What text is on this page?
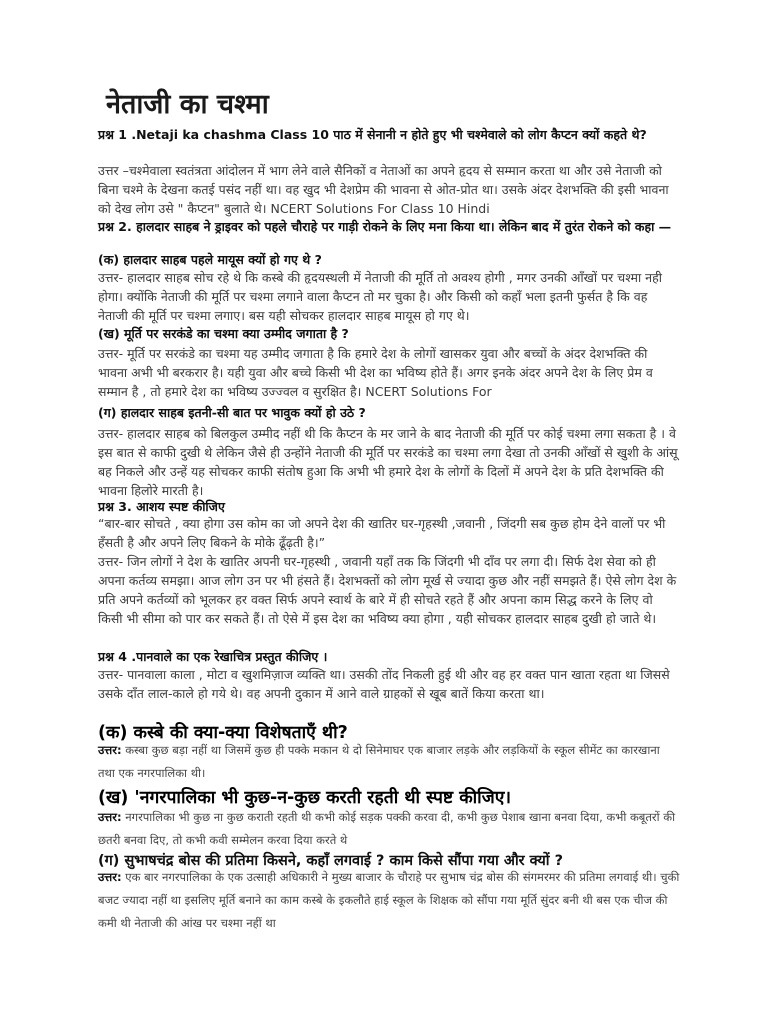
नेताजी का चश्मा

प्रश्न 1 .Netaji ka chashma Class 10 पाठ में सेनानी न होते हुए भी चश्मेवाले को लोग कैप्टन क्यों कहते थे?

उत्तर –चश्मेवाला स्वतंत्रता आंदोलन में भाग लेने वाले सैनिकों व नेताओं का अपने हृदय से सम्मान करता था और उसे नेताजी को बिना चश्मे के देखना कतई पसंद नहीं था। वह खुद भी देशप्रेम की भावना से ओत-प्रोत था। उसके अंदर देशभक्ति की इसी भावना को देख लोग उसे " कैप्टन" बुलाते थे। NCERT Solutions For Class 10 Hindi

प्रश्न 2. हालदार साहब ने ड्राइवर को पहले चौराहे पर गाड़ी रोकने के लिए मना किया था। लेकिन बाद में तुरंत रोकने को कहा —

(क) हालदार साहब पहले मायूस क्यों हो गए थे ?

उत्तर- हालदार साहब सोच रहे थे कि कस्बे की हृदयस्थली में नेताजी की मूर्ति तो अवश्य होगी , मगर उनकी आँखों पर चश्मा नही होगा। क्योंकि नेताजी की मूर्ति पर चश्मा लगाने वाला कैप्टन तो मर चुका है। और किसी को कहाँ भला इतनी फुर्सत है कि वह नेताजी की मूर्ति पर चश्मा लगाए। बस यही सोचकर हालदार साहब मायूस हो गए थे।

(ख) मूर्ति पर सरकंडे का चश्मा क्या उम्मीद जगाता है ?

उत्तर- मूर्ति पर सरकंडे का चश्मा यह उम्मीद जगाता है कि हमारे देश के लोगों खासकर युवा और बच्चों के अंदर देशभक्ति की भावना अभी भी बरकरार है। यही युवा और बच्चे किसी भी देश का भविष्य होते हैं। अगर इनके अंदर अपने देश के लिए प्रेम व सम्मान है , तो हमारे देश का भविष्य उज्ज्वल व सुरक्षित है। NCERT Solutions For

(ग) हालदार साहब इतनी-सी बात पर भावुक क्यों हो उठे ?

उत्तर- हालदार साहब को बिलकुल उम्मीद नहीं थी कि कैप्टन के मर जाने के बाद नेताजी की मूर्ति पर कोई चश्मा लगा सकता है । वे इस बात से काफी दुखी थे लेकिन जैसे ही उन्होंने नेताजी की मूर्ति पर सरकंडे का चश्मा लगा देखा तो उनकी आँखों से खुशी के आंसू बह निकले और उन्हें यह सोचकर काफी संतोष हुआ कि अभी भी हमारे देश के लोगों के दिलों में अपने देश के प्रति देशभक्ति की भावना हिलोरे मारती है।

प्रश्न 3. आशय स्पष्ट कीजिए

“बार-बार सोचते , क्या होगा उस कोम का जो अपने देश की खातिर घर-गृहस्थी ,जवानी , जिंदगी सब कुछ होम देने वालों पर भी हँसती है और अपने लिए बिकने के मोके ढूँढ़ती है।”

उत्तर- जिन लोगों ने देश के खातिर अपनी घर-गृहस्थी , जवानी यहाँ तक कि जिंदगी भी दाँव पर लगा दी। सिर्फ देश सेवा को ही अपना कर्तव्य समझा। आज लोग उन पर भी हंसते हैं। देशभक्तों को लोग मूर्ख से ज्यादा कुछ और नहीं समझते हैं। ऐसे लोग देश के प्रति अपने कर्तव्यों को भूलकर हर वक्त सिर्फ अपने स्वार्थ के बारे में ही सोचते रहते हैं और अपना काम सिद्ध करने के लिए वो किसी भी सीमा को पार कर सकते हैं। तो ऐसे में इस देश का भविष्य क्या होगा , यही सोचकर हालदार साहब दुखी हो जाते थे।

प्रश्न 4 .पानवाले का एक रेखाचित्र प्रस्तुत कीजिए ।

उत्तर- पानवाला काला , मोटा व खुशमिज़ाज व्यक्ति था। उसकी तोंद निकली हुई थी और वह हर वक्त पान खाता रहता था जिससे उसके दाँत लाल-काले हो गये थे। वह अपनी दुकान में आने वाले ग्राहकों से खूब बातें किया करता था।

(क) कस्बे की क्या-क्या विशेषताएँ थी?

उत्तर: कस्बा कुछ बड़ा नहीं था जिसमें कुछ ही पक्के मकान थे दो सिनेमाघर एक बाजार लड़के और लड़कियों के स्कूल सीमेंट का कारखाना तथा एक नगरपालिका थी।

(ख) 'नगरपालिका भी कुछ-न-कुछ करती रहती थी स्पष्ट कीजिए।

उत्तर: नगरपालिका भी कुछ ना कुछ कराती रहती थी कभी कोई सड़क पक्की करवा दी, कभी कुछ पेशाब खाना बनवा दिया, कभी कबूतरों की छतरी बनवा दिए, तो कभी कवी सम्मेलन करवा दिया करते थे

(ग) सुभाषचंद्र बोस की प्रतिमा किसने, कहाँ लगवाई ? काम किसे सौंपा गया और क्यों ?

उत्तर: एक बार नगरपालिका के एक उत्साही अधिकारी ने मुख्य बाजार के चौराहे पर सुभाष चंद्र बोस की संगमरमर की प्रतिमा लगवाई थी। चुकी बजट ज्यादा नहीं था इसलिए मूर्ति बनाने का काम कस्बे के इकलौते हाई स्कूल के शिक्षक को सौंपा गया मूर्ति सुंदर बनी थी बस एक चीज की कमी थी नेताजी की आंख पर चश्मा नहीं था
